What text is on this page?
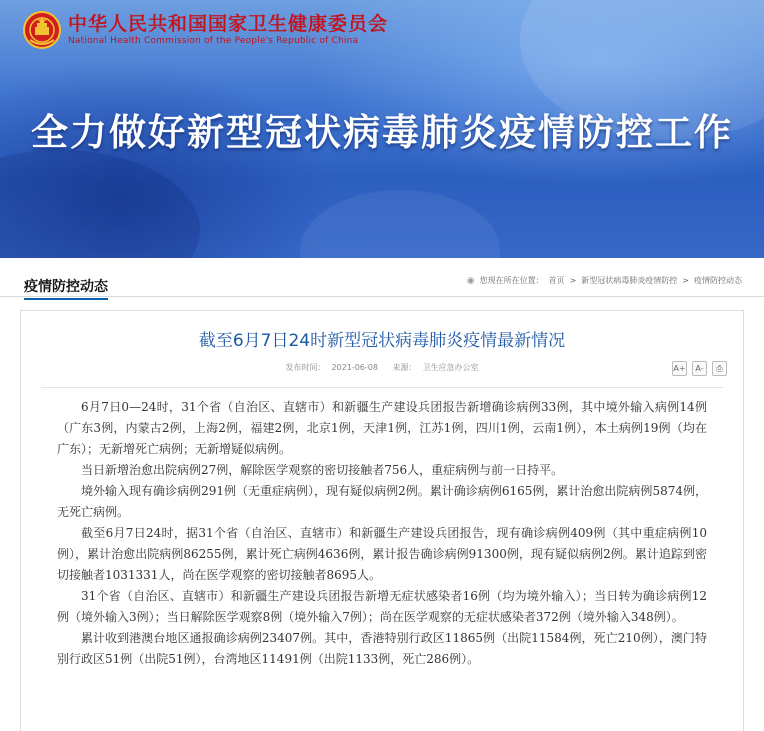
中华人民共和国国家卫生健康委员会
National Health Commission of the People's Republic of China
全力做好新型冠状病毒肺炎疫情防控工作
疫情防控动态	◉ 您现在所在位置： 首页 > 新型冠状病毒肺炎疫情防控 > 疫情防控动态
截至6月7日24时新型冠状病毒肺炎疫情最新情况
发布时间： 2021-06-08 来源： 卫生应急办公室	A+	A-	⎙

6月7日0—24时，31个省（自治区、直辖市）和新疆生产建设兵团报告新增确诊病例33例，其中境外输入病例14例（广东3例，内蒙古2例，上海2例，福建2例，北京1例，天津1例，江苏1例，四川1例，云南1例），本土病例19例（均在广东）；无新增死亡病例；无新增疑似病例。

当日新增治愈出院病例27例，解除医学观察的密切接触者756人，重症病例与前一日持平。

境外输入现有确诊病例291例（无重症病例），现有疑似病例2例。累计确诊病例6165例，累计治愈出院病例5874例，无死亡病例。

截至6月7日24时，据31个省（自治区、直辖市）和新疆生产建设兵团报告，现有确诊病例409例（其中重症病例10例），累计治愈出院病例86255例，累计死亡病例4636例，累计报告确诊病例91300例，现有疑似病例2例。累计追踪到密切接触者1031331人，尚在医学观察的密切接触者8695人。

31个省（自治区、直辖市）和新疆生产建设兵团报告新增无症状感染者16例（均为境外输入）；当日转为确诊病例12例（境外输入3例）；当日解除医学观察8例（境外输入7例）；尚在医学观察的无症状感染者372例（境外输入348例）。

累计收到港澳台地区通报确诊病例23407例。其中，香港特别行政区11865例（出院11584例，死亡210例），澳门特别行政区51例（出院51例），台湾地区11491例（出院1133例，死亡286例）。
